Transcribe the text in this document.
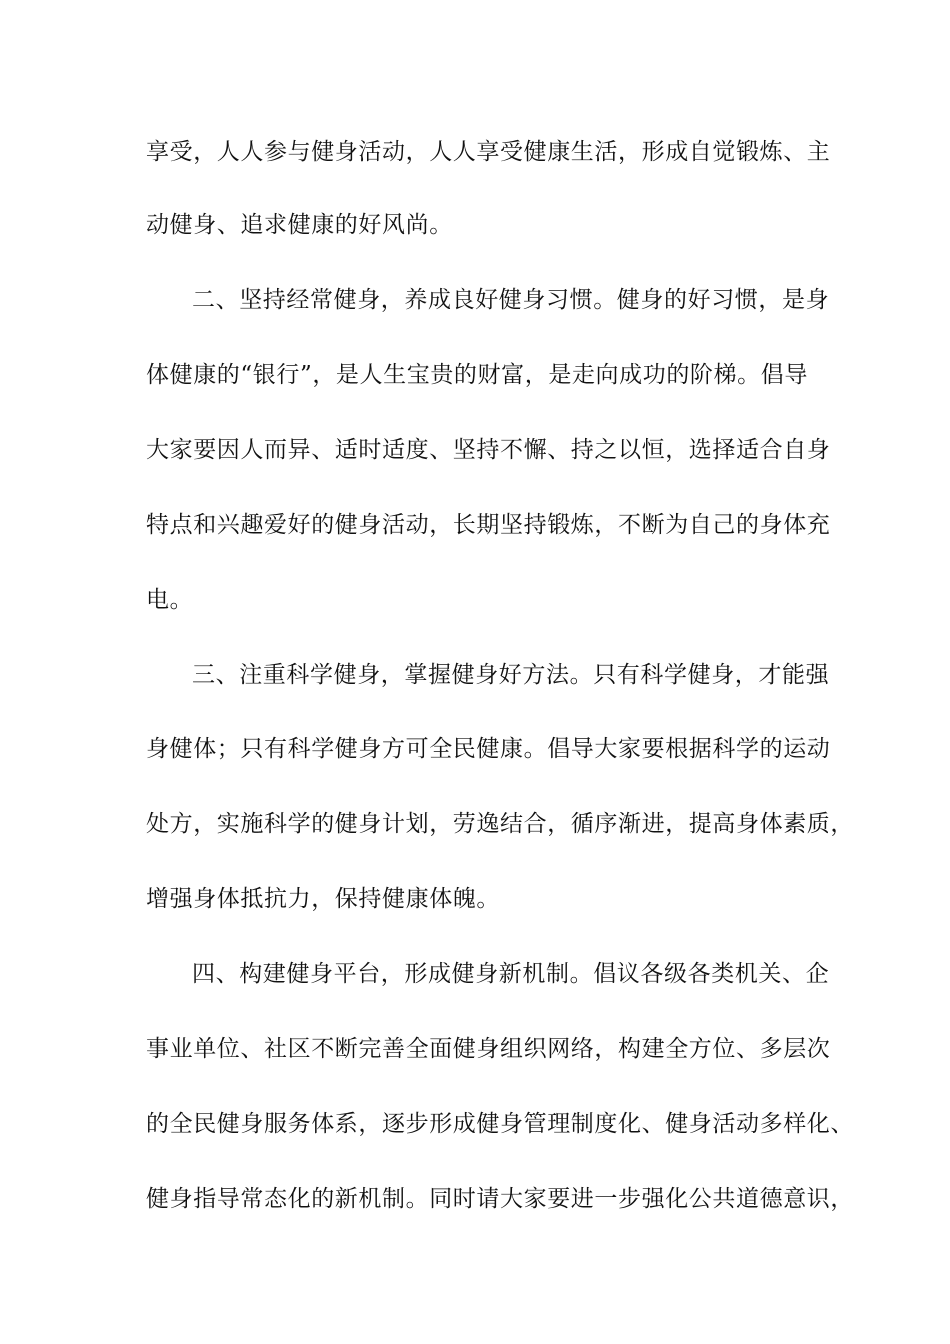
享受，人人参与健身活动，人人享受健康生活，形成自觉锻炼、主

动健身、追求健康的好风尚。

二、坚持经常健身，养成良好健身习惯。健身的好习惯，是身

体健康的“银行”，是人生宝贵的财富，是走向成功的阶梯。倡导

大家要因人而异、适时适度、坚持不懈、持之以恒，选择适合自身

特点和兴趣爱好的健身活动，长期坚持锻炼，不断为自己的身体充

电。

三、注重科学健身，掌握健身好方法。只有科学健身，才能强

身健体；只有科学健身方可全民健康。倡导大家要根据科学的运动

处方，实施科学的健身计划，劳逸结合，循序渐进，提高身体素质，

增强身体抵抗力，保持健康体魄。

四、构建健身平台，形成健身新机制。倡议各级各类机关、企

事业单位、社区不断完善全面健身组织网络，构建全方位、多层次

的全民健身服务体系，逐步形成健身管理制度化、健身活动多样化、

健身指导常态化的新机制。同时请大家要进一步强化公共道德意识，
